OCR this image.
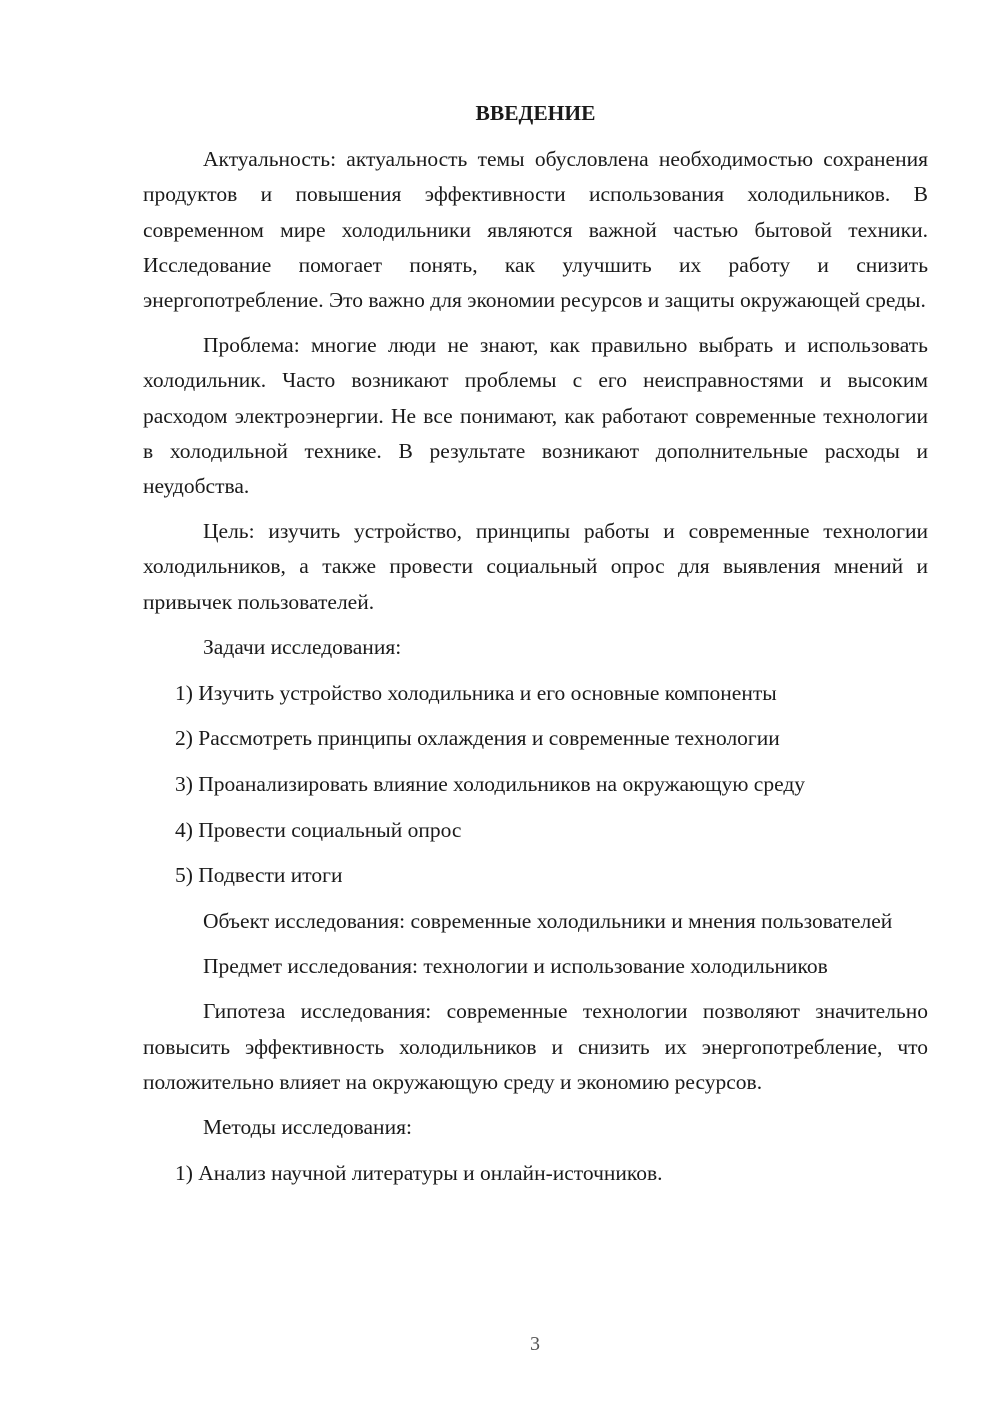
ВВЕДЕНИЕ

Актуальность: актуальность темы обусловлена необходимостью сохранения продуктов и повышения эффективности использования холодильников. В современном мире холодильники являются важной частью бытовой техники. Исследование помогает понять, как улучшить их работу и снизить энергопотребление. Это важно для экономии ресурсов и защиты окружающей среды.

Проблема: многие люди не знают, как правильно выбрать и использовать холодильник. Часто возникают проблемы с его неисправностями и высоким расходом электроэнергии. Не все понимают, как работают современные технологии в холодильной технике. В результате возникают дополнительные расходы и неудобства.

Цель: изучить устройство, принципы работы и современные технологии холодильников, а также провести социальный опрос для выявления мнений и привычек пользователей.

Задачи исследования:

1) Изучить устройство холодильника и его основные компоненты

2) Рассмотреть принципы охлаждения и современные технологии

3) Проанализировать влияние холодильников на окружающую среду

4) Провести социальный опрос

5) Подвести итоги

Объект исследования: современные холодильники и мнения пользователей

Предмет исследования: технологии и использование холодильников

Гипотеза исследования: современные технологии позволяют значительно повысить эффективность холодильников и снизить их энергопотребление, что положительно влияет на окружающую среду и экономию ресурсов.

Методы исследования:

1) Анализ научной литературы и онлайн-источников.

3
